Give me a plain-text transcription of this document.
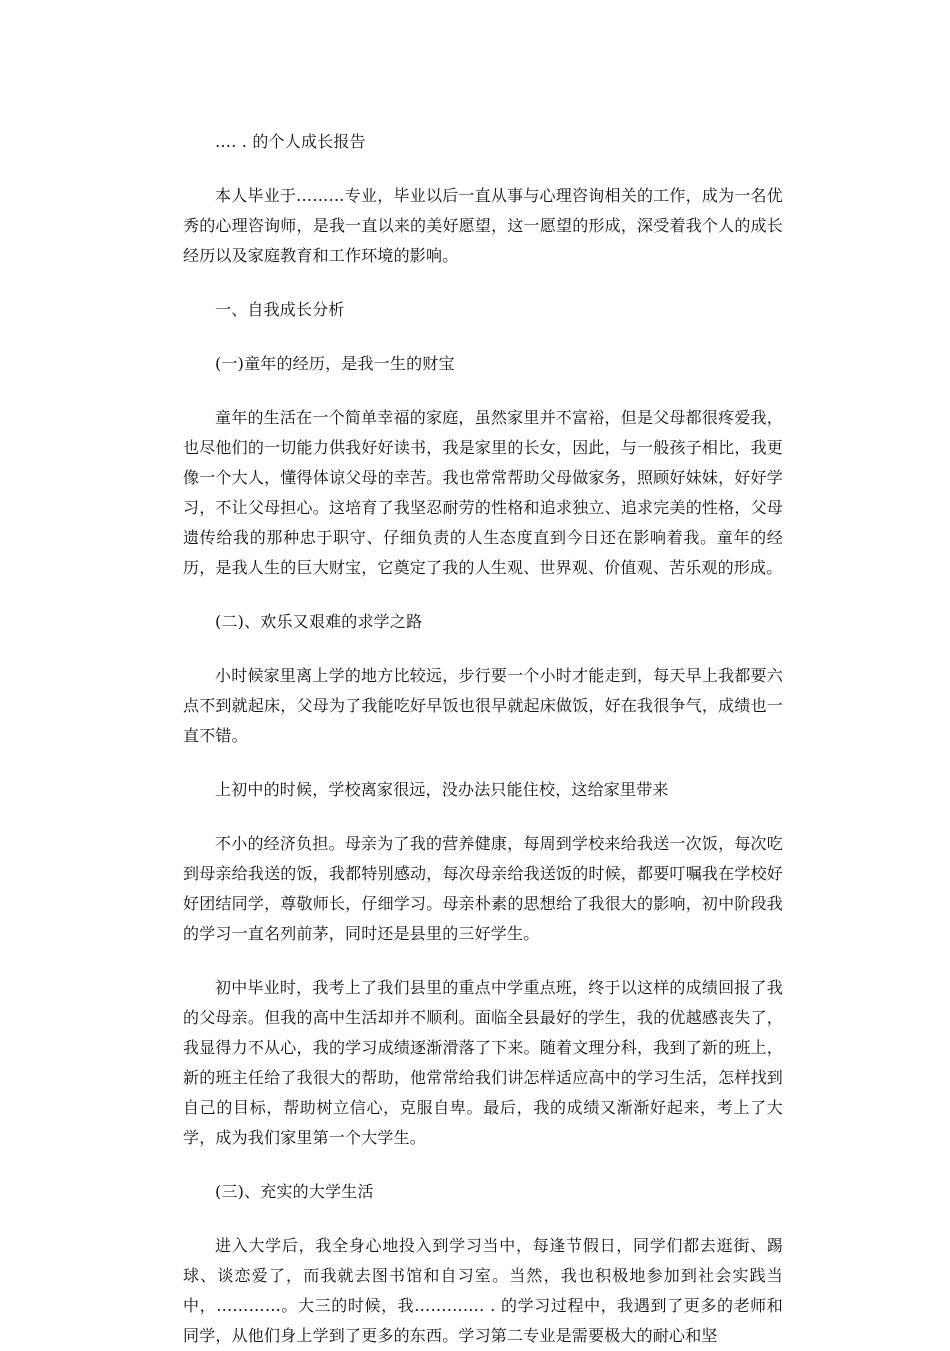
…. . 的个人成长报告

本人毕业于………专业，毕业以后一直从事与心理咨询相关的工作，成为一名优秀的心理咨询师，是我一直以来的美好愿望，这一愿望的形成，深受着我个人的成长经历以及家庭教育和工作环境的影响。

一、自我成长分析

(一)童年的经历，是我一生的财宝

童年的生活在一个简单幸福的家庭，虽然家里并不富裕，但是父母都很疼爱我，也尽他们的一切能力供我好好读书，我是家里的长女，因此，与一般孩子相比，我更像一个大人，懂得体谅父母的幸苦。我也常常帮助父母做家务，照顾好妹妹，好好学习，不让父母担心。这培育了我坚忍耐劳的性格和追求独立、追求完美的性格，父母遗传给我的那种忠于职守、仔细负责的人生态度直到今日还在影响着我。童年的经历，是我人生的巨大财宝，它奠定了我的人生观、世界观、价值观、苦乐观的形成。

(二)、欢乐又艰难的求学之路

小时候家里离上学的地方比较远，步行要一个小时才能走到，每天早上我都要六点不到就起床，父母为了我能吃好早饭也很早就起床做饭，好在我很争气，成绩也一直不错。

上初中的时候，学校离家很远，没办法只能住校，这给家里带来

不小的经济负担。母亲为了我的营养健康，每周到学校来给我送一次饭，每次吃到母亲给我送的饭，我都特别感动，每次母亲给我送饭的时候，都要叮嘱我在学校好好团结同学，尊敬师长，仔细学习。母亲朴素的思想给了我很大的影响，初中阶段我的学习一直名列前茅，同时还是县里的三好学生。

初中毕业时，我考上了我们县里的重点中学重点班，终于以这样的成绩回报了我的父母亲。但我的高中生活却并不顺利。面临全县最好的学生，我的优越感丧失了，我显得力不从心，我的学习成绩逐渐滑落了下来。随着文理分科，我到了新的班上，新的班主任给了我很大的帮助，他常常给我们讲怎样适应高中的学习生活，怎样找到自己的目标，帮助树立信心，克服自卑。最后，我的成绩又渐渐好起来，考上了大学，成为我们家里第一个大学生。

(三)、充实的大学生活

进入大学后，我全身心地投入到学习当中，每逢节假日，同学们都去逛街、踢球、谈恋爱了，而我就去图书馆和自习室。当然，我也积极地参加到社会实践当中，…………。大三的时候，我…………. . 的学习过程中，我遇到了更多的老师和同学，从他们身上学到了更多的东西。学习第二专业是需要极大的耐心和坚
